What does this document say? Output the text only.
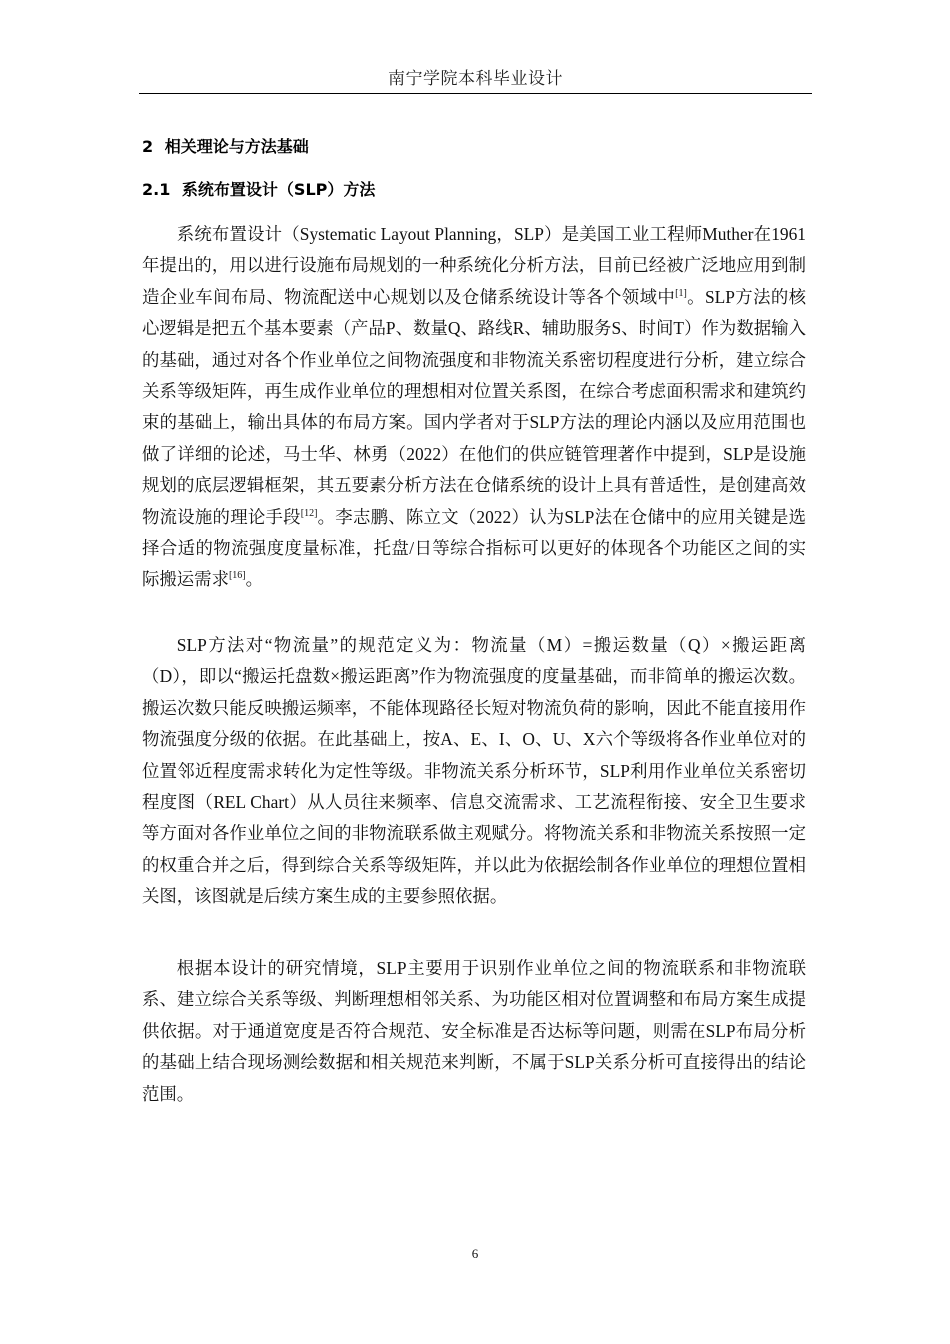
南宁学院本科毕业设计
2 相关理论与方法基础
2.1 系统布置设计（SLP）方法

系统布置设计（Systematic Layout Planning，SLP）是美国工业工程师Muther在1961年提出的，用以进行设施布局规划的一种系统化分析方法，目前已经被广泛地应用到制造企业车间布局、物流配送中心规划以及仓储系统设计等各个领域中[1]。SLP方法的核心逻辑是把五个基本要素（产品P、数量Q、路线R、辅助服务S、时间T）作为数据输入的基础，通过对各个作业单位之间物流强度和非物流关系密切程度进行分析，建立综合关系等级矩阵，再生成作业单位的理想相对位置关系图，在综合考虑面积需求和建筑约束的基础上，输出具体的布局方案。国内学者对于SLP方法的理论内涵以及应用范围也做了详细的论述，马士华、林勇（2022）在他们的供应链管理著作中提到，SLP是设施规划的底层逻辑框架，其五要素分析方法在仓储系统的设计上具有普适性，是创建高效物流设施的理论手段[12]。李志鹏、陈立文（2022）认为SLP法在仓储中的应用关键是选择合适的物流强度度量标准，托盘/日等综合指标可以更好的体现各个功能区之间的实际搬运需求[16]。

SLP方法对“物流量”的规范定义为：物流量（M）=搬运数量（Q）×搬运距离（D），即以“搬运托盘数×搬运距离”作为物流强度的度量基础，而非简单的搬运次数。搬运次数只能反映搬运频率，不能体现路径长短对物流负荷的影响，因此不能直接用作物流强度分级的依据。在此基础上，按A、E、I、O、U、X六个等级将各作业单位对的位置邻近程度需求转化为定性等级。非物流关系分析环节，SLP利用作业单位关系密切程度图（REL Chart）从人员往来频率、信息交流需求、工艺流程衔接、安全卫生要求等方面对各作业单位之间的非物流联系做主观赋分。将物流关系和非物流关系按照一定的权重合并之后，得到综合关系等级矩阵，并以此为依据绘制各作业单位的理想位置相关图，该图就是后续方案生成的主要参照依据。

根据本设计的研究情境，SLP主要用于识别作业单位之间的物流联系和非物流联系、建立综合关系等级、判断理想相邻关系、为功能区相对位置调整和布局方案生成提供依据。对于通道宽度是否符合规范、安全标准是否达标等问题，则需在SLP布局分析的基础上结合现场测绘数据和相关规范来判断，不属于SLP关系分析可直接得出的结论范围。

6
